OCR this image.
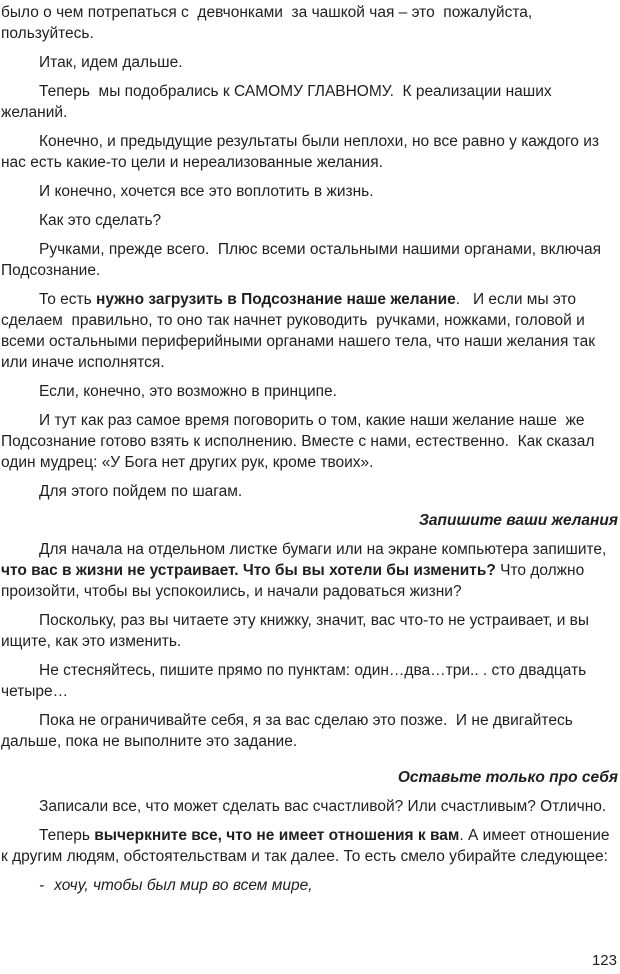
было о чем потрепаться с  девчонками  за чашкой чая – это  пожалуйста, пользуйтесь.

Итак, идем дальше.

Теперь  мы подобрались к САМОМУ ГЛАВНОМУ.  К реализации наших желаний.

Конечно, и предыдущие результаты были неплохи, но все равно у каждого из нас есть какие-то цели и нереализованные желания.

И конечно, хочется все это воплотить в жизнь.

Как это сделать?

Ручками, прежде всего.  Плюс всеми остальными нашими органами, включая Подсознание.

То есть нужно загрузить в Подсознание наше желание.   И если мы это сделаем  правильно, то оно так начнет руководить  ручками, ножками, головой и всеми остальными периферийными органами нашего тела, что наши желания так или иначе исполнятся.

Если, конечно, это возможно в принципе.

И тут как раз самое время поговорить о том, какие наши желание наше  же Подсознание готово взять к исполнению. Вместе с нами, естественно.  Как сказал один мудрец: «У Бога нет других рук, кроме твоих».

Для этого пойдем по шагам.

Запишите ваши желания

Для начала на отдельном листке бумаги или на экране компьютера запишите, что вас в жизни не устраивает. Что бы вы хотели бы изменить? Что должно произойти, чтобы вы успокоились, и начали радоваться жизни?

Поскольку, раз вы читаете эту книжку, значит, вас что-то не устраивает, и вы ищите, как это изменить.

Не стесняйтесь, пишите прямо по пунктам: один…два…три.. . сто двадцать четыре…

Пока не ограничивайте себя, я за вас сделаю это позже.  И не двигайтесь дальше, пока не выполните это задание.

Оставьте только про себя

Записали все, что может сделать вас счастливой? Или счастливым? Отлично.

Теперь вычеркните все, что не имеет отношения к вам. А имеет отношение к другим людям, обстоятельствам и так далее. То есть смело убирайте следующее:

- хочу, чтобы был мир во всем мире,

123
